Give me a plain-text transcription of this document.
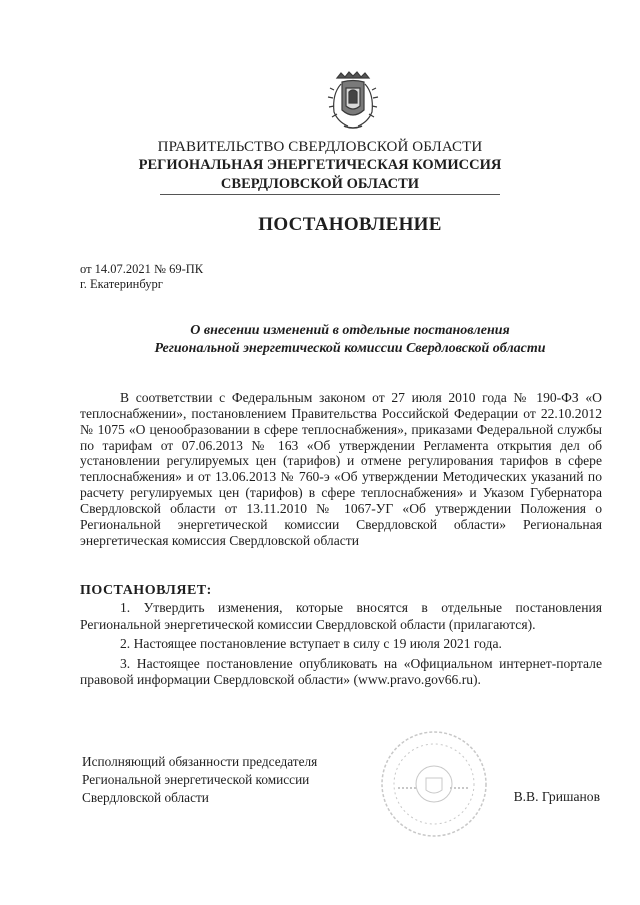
ПРАВИТЕЛЬСТВО СВЕРДЛОВСКОЙ ОБЛАСТИ
РЕГИОНАЛЬНАЯ ЭНЕРГЕТИЧЕСКАЯ КОМИССИЯ
СВЕРДЛОВСКОЙ ОБЛАСТИ
ПОСТАНОВЛЕНИЕ
от 14.07.2021 № 69-ПК
г. Екатеринбург
О внесении изменений в отдельные постановления
Региональной энергетической комиссии Свердловской области
В соответствии с Федеральным законом от 27 июля 2010 года № 190-ФЗ «О теплоснабжении», постановлением Правительства Российской Федерации от 22.10.2012 № 1075 «О ценообразовании в сфере теплоснабжения», приказами Федеральной службы по тарифам от 07.06.2013 № 163 «Об утверждении Регламента открытия дел об установлении регулируемых цен (тарифов) и отмене регулирования тарифов в сфере теплоснабжения» и от 13.06.2013 № 760-э «Об утверждении Методических указаний по расчету регулируемых цен (тарифов) в сфере теплоснабжения» и Указом Губернатора Свердловской области от 13.11.2010 № 1067-УГ «Об утверждении Положения о Региональной энергетической комиссии Свердловской области» Региональная энергетическая комиссия Свердловской области
ПОСТАНОВЛЯЕТ:

1. Утвердить изменения, которые вносятся в отдельные постановления Региональной энергетической комиссии Свердловской области (прилагаются).

2. Настоящее постановление вступает в силу с 19 июля 2021 года.

3. Настоящее постановление опубликовать на «Официальном интернет-портале правовой информации Свердловской области» (www.pravo.gov66.ru).

Исполняющий обязанности председателя
Региональной энергетической комиссии
Свердловской области	В.В. Гришанов
